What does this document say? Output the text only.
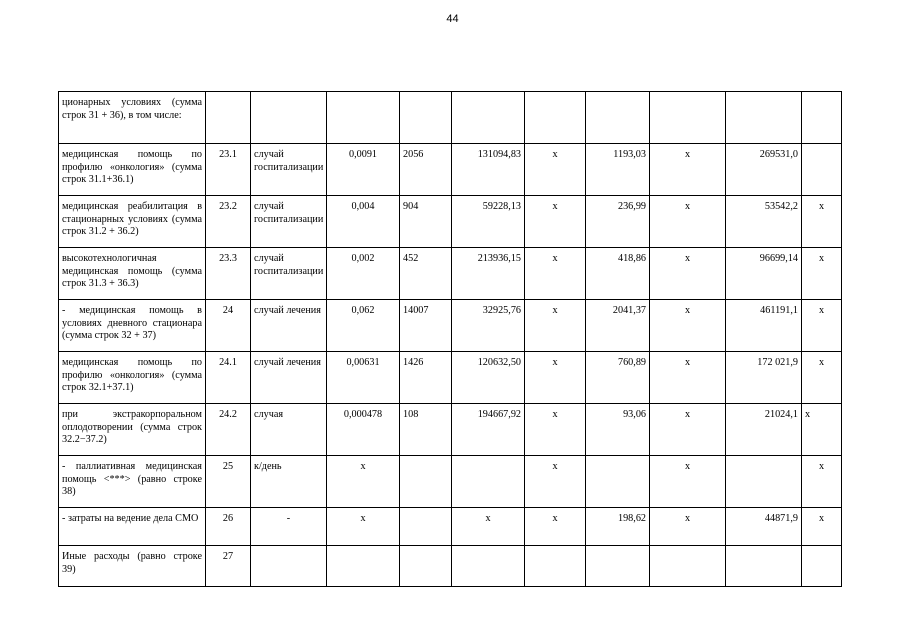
44
ционарных условиях (сумма строк 31 + 36), в том числе:										
медицинская помощь по профилю «онкология» (сумма строк 31.1+36.1)	23.1	случай госпитализации	0,0091	2056	131094,83	х	1193,03	х	269531,0	
медицинская реабилитация в стационарных условиях (сумма строк 31.2 + 36.2)	23.2	случай госпитализации	0,004	904	59228,13	х	236,99	х	53542,2	х
высокотехнологичная медицинская помощь (сумма строк 31.3 + 36.3)	23.3	случай госпитализации	0,002	452	213936,15	х	418,86	х	96699,14	х
- медицинская помощь в условиях дневного стационара (сумма строк 32 + 37)	24	случай лечения	0,062	14007	32925,76	х	2041,37	х	461191,1	х
медицинская помощь по профилю «онкология» (сумма строк 32.1+37.1)	24.1	случай лечения	0,00631	1426	120632,50	х	760,89	х	172 021,9	х
при экстракорпоральном оплодотворении (сумма строк 32.2−37.2)	24.2	случая	0,000478	108	194667,92	х	93,06	х	21024,1	х
- паллиативная медицинская помощь <***> (равно строке 38)	25	к/день	х			х		х		х
- затраты на ведение дела СМО	26	-	х		х	х	198,62	х	44871,9	х
Иные расходы (равно строке 39)	27									
